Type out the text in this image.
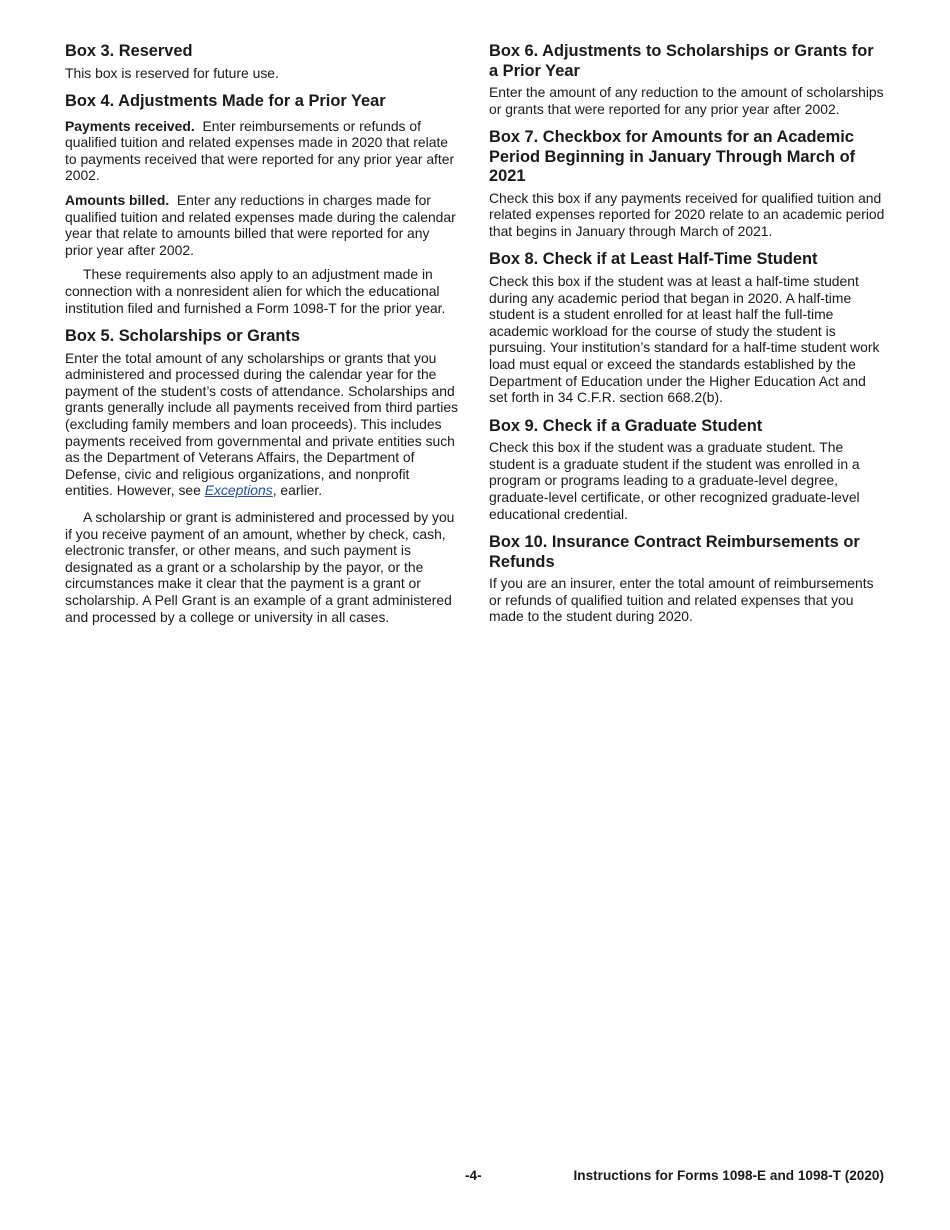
Box 3. Reserved

This box is reserved for future use.

Box 4. Adjustments Made for a Prior Year

Payments received. Enter reimbursements or refunds of qualified tuition and related expenses made in 2020 that relate to payments received that were reported for any prior year after 2002.

Amounts billed. Enter any reductions in charges made for qualified tuition and related expenses made during the calendar year that relate to amounts billed that were reported for any prior year after 2002.

These requirements also apply to an adjustment made in connection with a nonresident alien for which the educational institution filed and furnished a Form 1098-T for the prior year.

Box 5. Scholarships or Grants

Enter the total amount of any scholarships or grants that you administered and processed during the calendar year for the payment of the student’s costs of attendance. Scholarships and grants generally include all payments received from third parties (excluding family members and loan proceeds). This includes payments received from governmental and private entities such as the Department of Veterans Affairs, the Department of Defense, civic and religious organizations, and nonprofit entities. However, see Exceptions, earlier.

A scholarship or grant is administered and processed by you if you receive payment of an amount, whether by check, cash, electronic transfer, or other means, and such payment is designated as a grant or a scholarship by the payor, or the circumstances make it clear that the payment is a grant or scholarship. A Pell Grant is an example of a grant administered and processed by a college or university in all cases.

Box 6. Adjustments to Scholarships or Grants for a Prior Year

Enter the amount of any reduction to the amount of scholarships or grants that were reported for any prior year after 2002.

Box 7. Checkbox for Amounts for an Academic Period Beginning in January Through March of 2021

Check this box if any payments received for qualified tuition and related expenses reported for 2020 relate to an academic period that begins in January through March of 2021.

Box 8. Check if at Least Half-Time Student

Check this box if the student was at least a half-time student during any academic period that began in 2020. A half-time student is a student enrolled for at least half the full-time academic workload for the course of study the student is pursuing. Your institution’s standard for a half-time student work load must equal or exceed the standards established by the Department of Education under the Higher Education Act and set forth in 34 C.F.R. section 668.2(b).

Box 9. Check if a Graduate Student

Check this box if the student was a graduate student. The student is a graduate student if the student was enrolled in a program or programs leading to a graduate-level degree, graduate-level certificate, or other recognized graduate-level educational credential.

Box 10. Insurance Contract Reimbursements or Refunds

If you are an insurer, enter the total amount of reimbursements or refunds of qualified tuition and related expenses that you made to the student during 2020.

-4-	Instructions for Forms 1098-E and 1098-T (2020)
